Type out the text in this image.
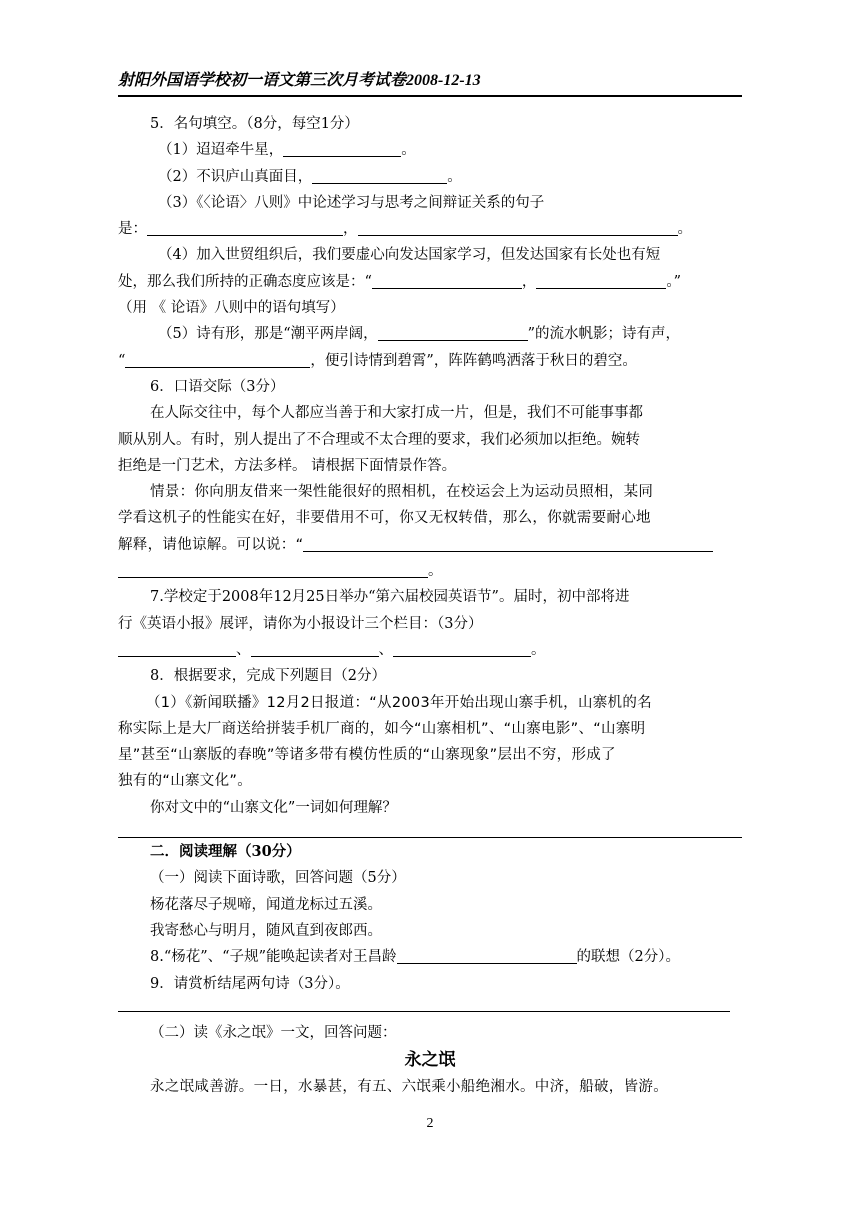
射阳外国语学校初一语文第三次月考试卷2008-12-13

5．名句填空。（8分，每空1分）

（1）迢迢牵牛星，	。

（2）不识庐山真面目，	。

（3）《〈论语〉八则》中论述学习与思考之间辩证关系的句子

是：	，	。

（4）加入世贸组织后，我们要虚心向发达国家学习，但发达国家有长处也有短

处，那么我们所持的正确态度应该是：“	，	。”

（用 《 论语》八则中的语句填写）

（5）诗有形，那是“潮平两岸阔，	”的流水帆影；诗有声，

“	，便引诗情到碧霄”，阵阵鹤鸣洒落于秋日的碧空。

6．口语交际（3分）

在人际交往中，每个人都应当善于和大家打成一片，但是，我们不可能事事都

顺从别人。有时，别人提出了不合理或不太合理的要求，我们必须加以拒绝。婉转

拒绝是一门艺术，方法多样。 请根据下面情景作答。

情景：你向朋友借来一架性能很好的照相机，在校运会上为运动员照相，某同

学看这机子的性能实在好，非要借用不可，你又无权转借，那么，你就需要耐心地

解释，请他谅解。可以说：“

。

7.学校定于2008年12月25日举办“第六届校园英语节”。届时，初中部将进

行《英语小报》展评，请你为小报设计三个栏目：（3分）

、	、	。

8．根据要求，完成下列题目（2分）

（1）《新闻联播》12月2日报道：“从2003年开始出现山寨手机，山寨机的名

称实际上是大厂商送给拼装手机厂商的，如今“山寨相机”、“山寨电影”、“山寨明

星”甚至“山寨版的春晚”等诸多带有模仿性质的“山寨现象”层出不穷，形成了

独有的“山寨文化”。

你对文中的“山寨文化”一词如何理解？

二．阅读理解（30分）

（一）阅读下面诗歌，回答问题（5分）

杨花落尽子规啼，闻道龙标过五溪。

我寄愁心与明月，随风直到夜郎西。

8.“杨花”、“子规”能唤起读者对王昌龄	的联想（2分）。

9．请赏析结尾两句诗（3分）。

（二）读《永之氓》一文，回答问题：

永之氓

永之氓咸善游。一日，水暴甚，有五、六氓乘小船绝湘水。中济，船破，皆游。

2
